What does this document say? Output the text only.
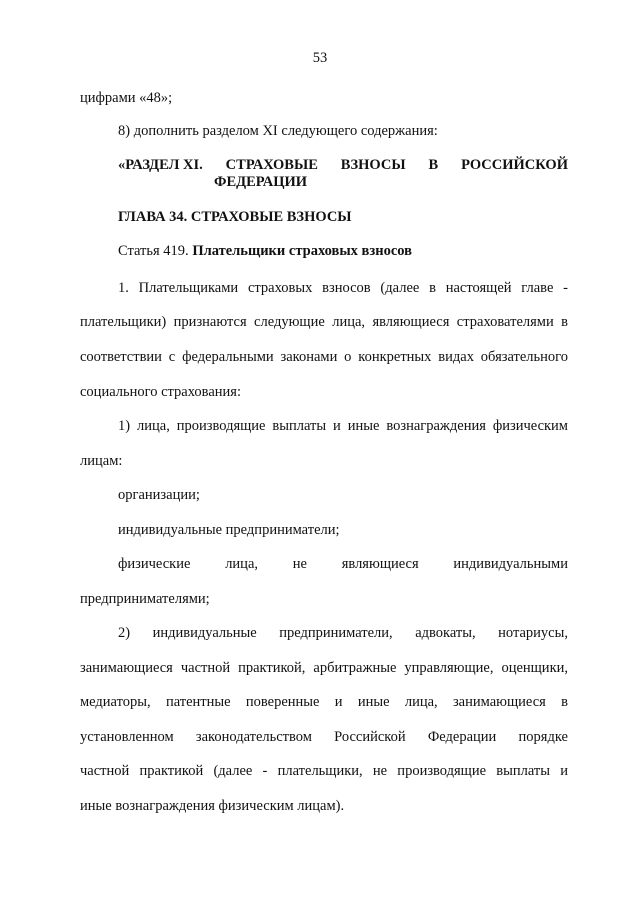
53
цифрами «48»;
8) дополнить разделом XI следующего содержания:
«РАЗДЕЛ XI. СТРАХОВЫЕ ВЗНОСЫ В РОССИЙСКОЙ
ФЕДЕРАЦИИ
ГЛАВА 34. СТРАХОВЫЕ ВЗНОСЫ
Статья 419. Плательщики страховых взносов
1. Плательщиками страховых взносов (далее в настоящей главе -
плательщики) признаются следующие лица, являющиеся страхователями в
соответствии с федеральными законами о конкретных видах обязательного
социального страхования:
1) лица, производящие выплаты и иные вознаграждения физическим
лицам:
организации;
индивидуальные предприниматели;
физические лица, не являющиеся индивидуальными
предпринимателями;
2) индивидуальные предприниматели, адвокаты, нотариусы,
занимающиеся частной практикой, арбитражные управляющие, оценщики,
медиаторы, патентные поверенные и иные лица, занимающиеся в
установленном законодательством Российской Федерации порядке
частной практикой (далее - плательщики, не производящие выплаты и
иные вознаграждения физическим лицам).
